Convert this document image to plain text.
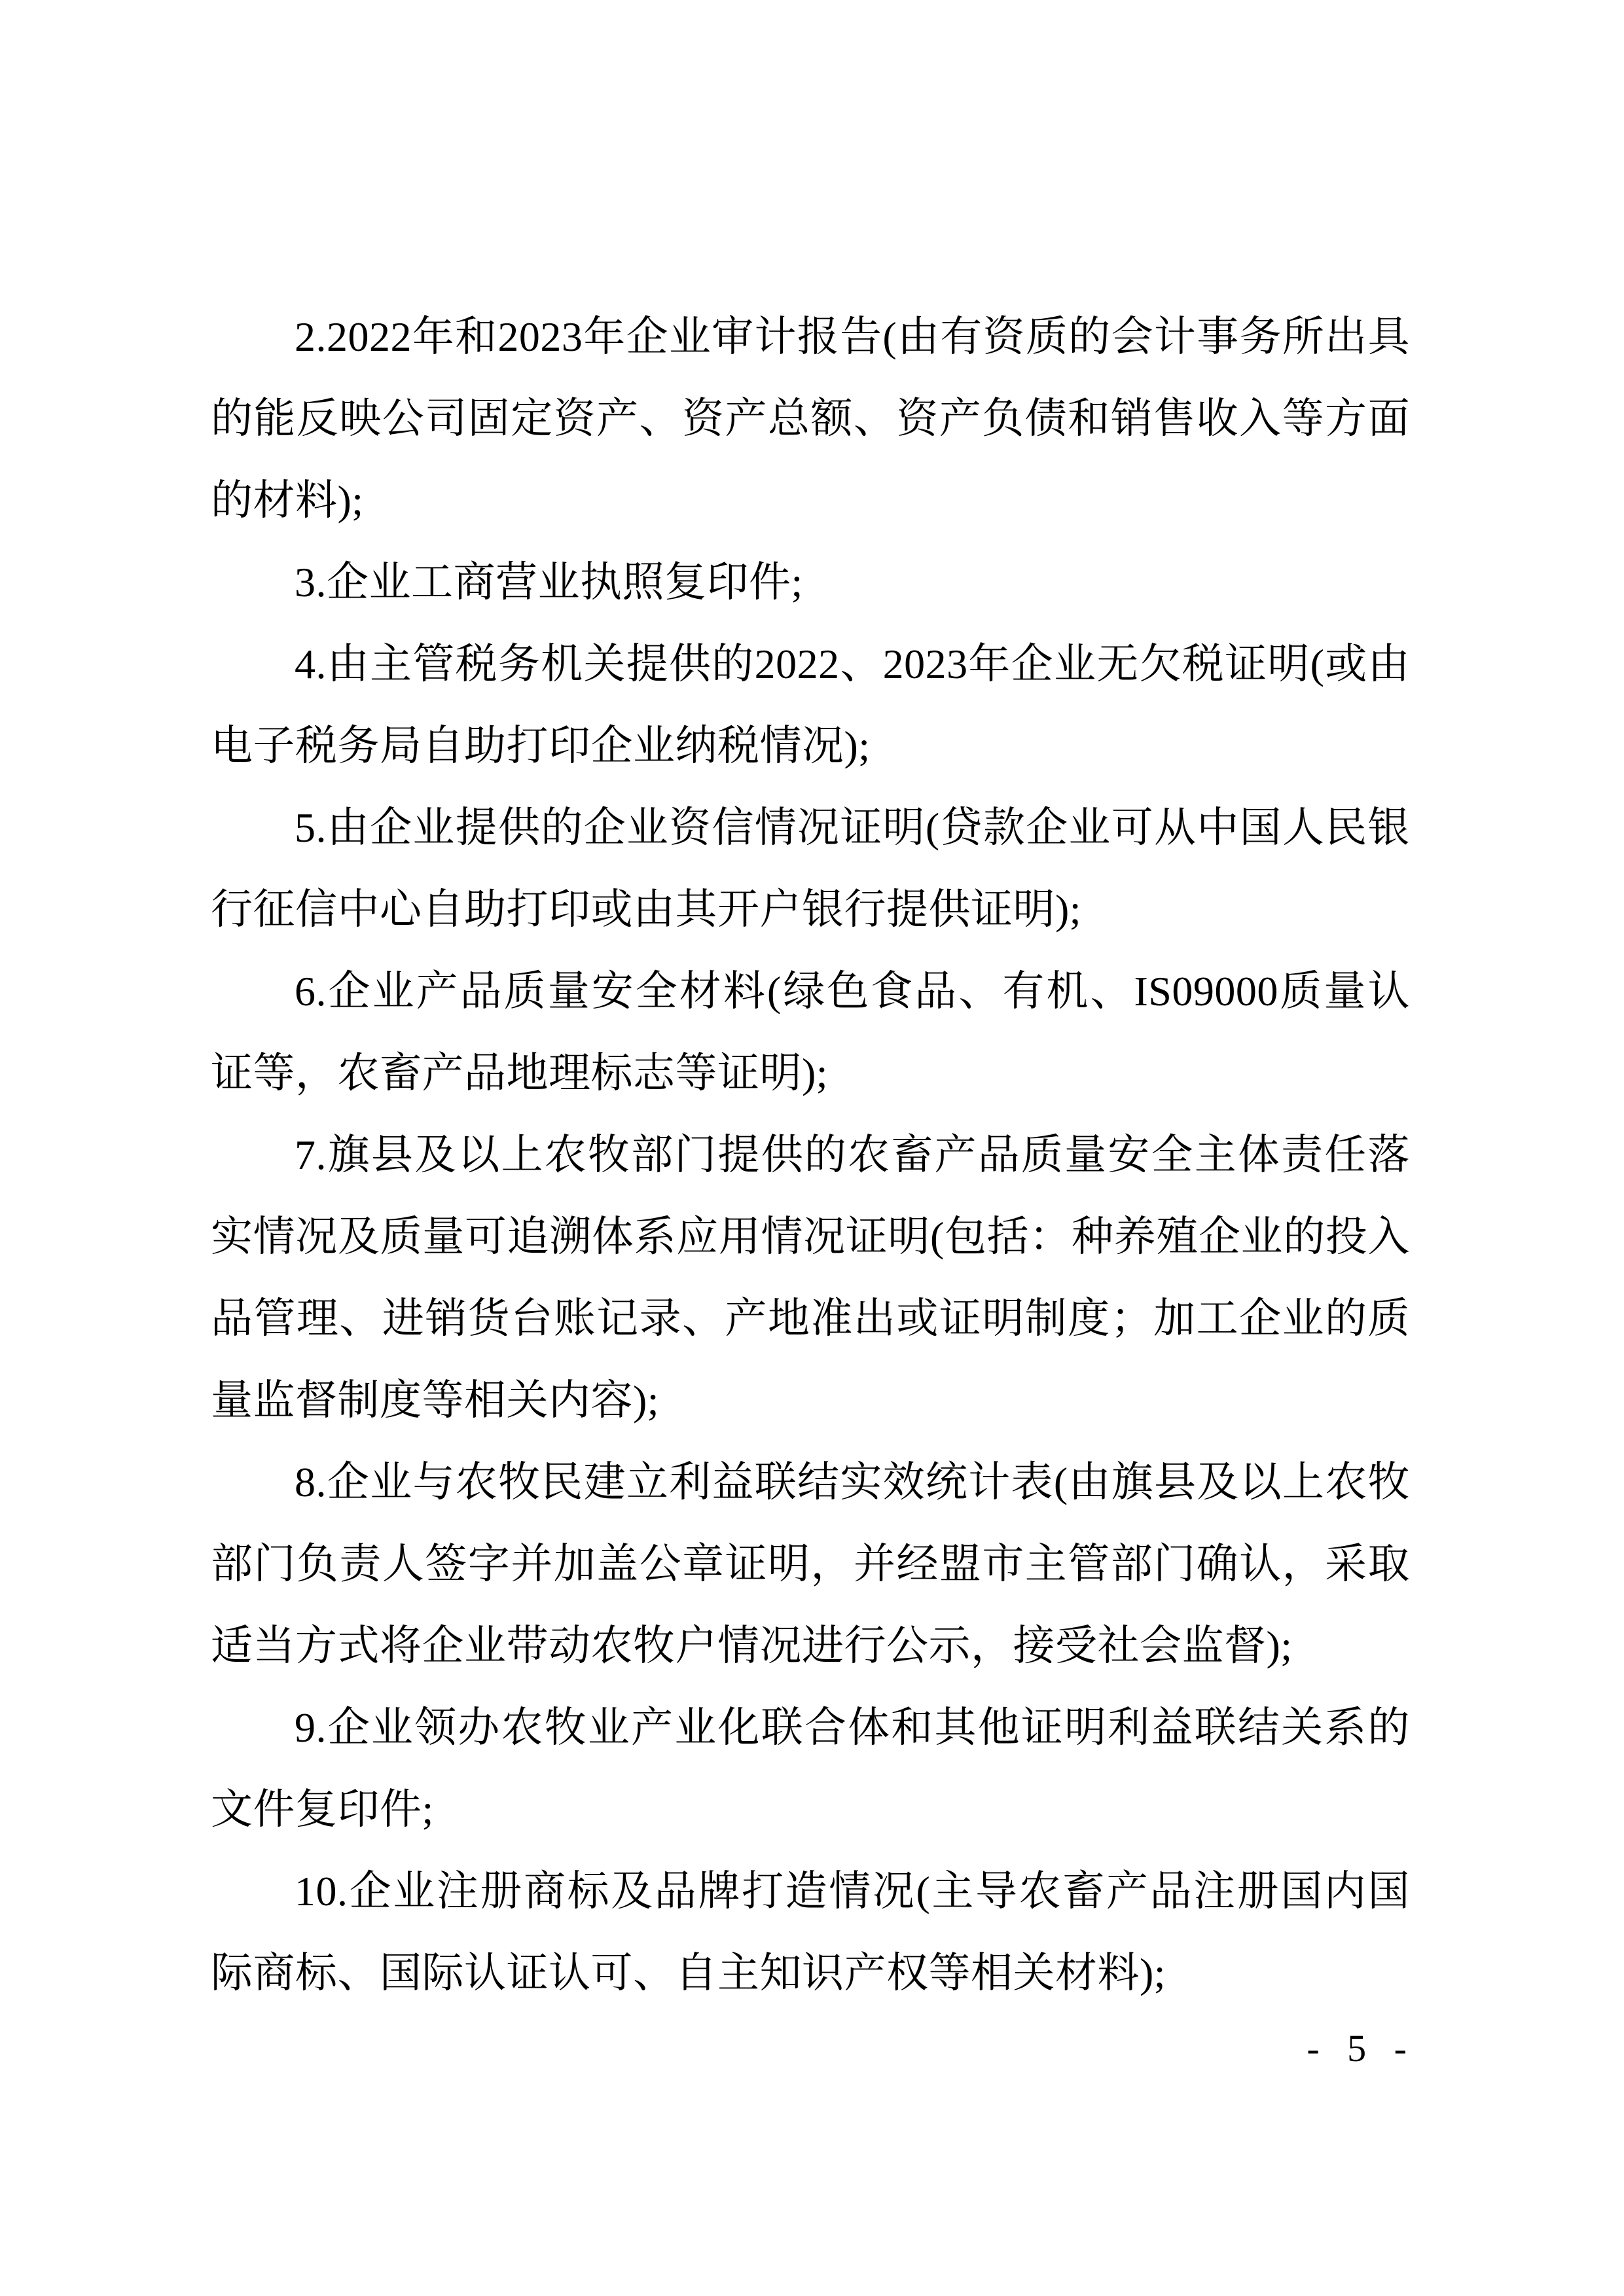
2.2022年和2023年企业审计报告(由有资质的会计事务所出具的能反映公司固定资产、资产总额、资产负债和销售收入等方面的材料);

3.企业工商营业执照复印件;

4.由主管税务机关提供的2022、2023年企业无欠税证明(或由电子税务局自助打印企业纳税情况);

5.由企业提供的企业资信情况证明(贷款企业可从中国人民银行征信中心自助打印或由其开户银行提供证明);

6.企业产品质量安全材料(绿色食品、有机、IS09000质量认证等，农畜产品地理标志等证明);

7.旗县及以上农牧部门提供的农畜产品质量安全主体责任落实情况及质量可追溯体系应用情况证明(包括：种养殖企业的投入品管理、进销货台账记录、产地准出或证明制度；加工企业的质量监督制度等相关内容);

8.企业与农牧民建立利益联结实效统计表(由旗县及以上农牧部门负责人签字并加盖公章证明，并经盟市主管部门确认，采取适当方式将企业带动农牧户情况进行公示，接受社会监督);

9.企业领办农牧业产业化联合体和其他证明利益联结关系的文件复印件;

10.企业注册商标及品牌打造情况(主导农畜产品注册国内国际商标、国际认证认可、自主知识产权等相关材料);

- 5 -
